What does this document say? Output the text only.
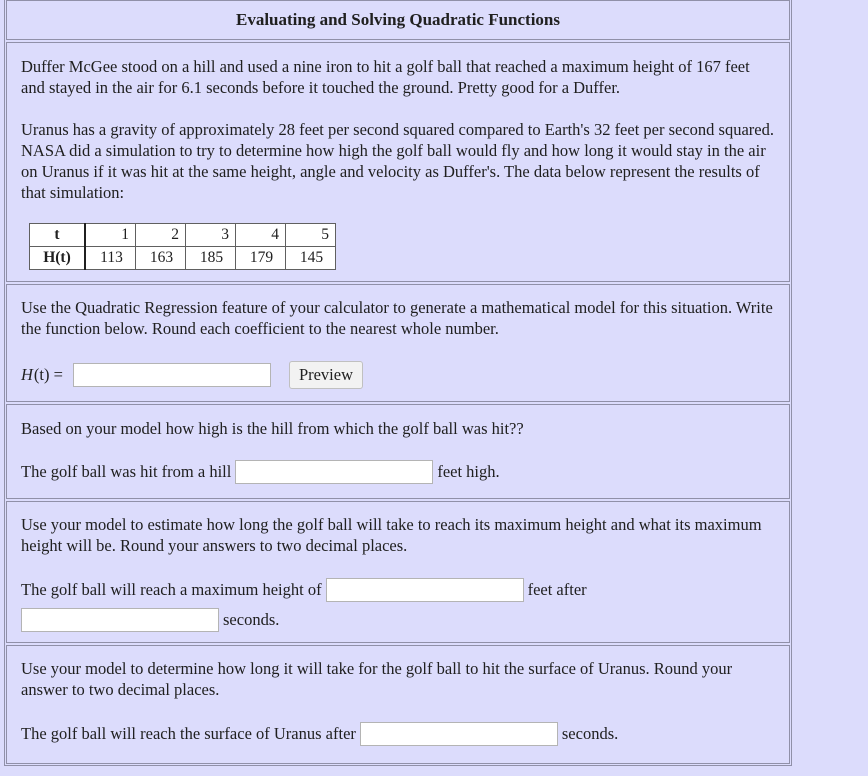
Evaluating and Solving Quadratic Functions

Duffer McGee stood on a hill and used a nine iron to hit a golf ball that reached a maximum height of 167 feet and stayed in the air for 6.1 seconds before it touched the ground. Pretty good for a Duffer.

Uranus has a gravity of approximately 28 feet per second squared compared to Earth's 32 feet per second squared. NASA did a simulation to try to determine how high the golf ball would fly and how long it would stay in the air on Uranus if it was hit at the same height, angle and velocity as Duffer's. The data below represent the results of that simulation:

t	1	2	3	4	5
H(t)	113	163	185	179	145

Use the Quadratic Regression feature of your calculator to generate a mathematical model for this situation. Write the function below. Round each coefficient to the nearest whole number.

H (t) =	Preview

Based on your model how high is the hill from which the golf ball was hit??

The golf ball was hit from a hill	feet high.

Use your model to estimate how long the golf ball will take to reach its maximum height and what its maximum height will be. Round your answers to two decimal places.

The golf ball will reach a maximum height of	feet after
seconds.

Use your model to determine how long it will take for the golf ball to hit the surface of Uranus. Round your answer to two decimal places.

The golf ball will reach the surface of Uranus after	seconds.
